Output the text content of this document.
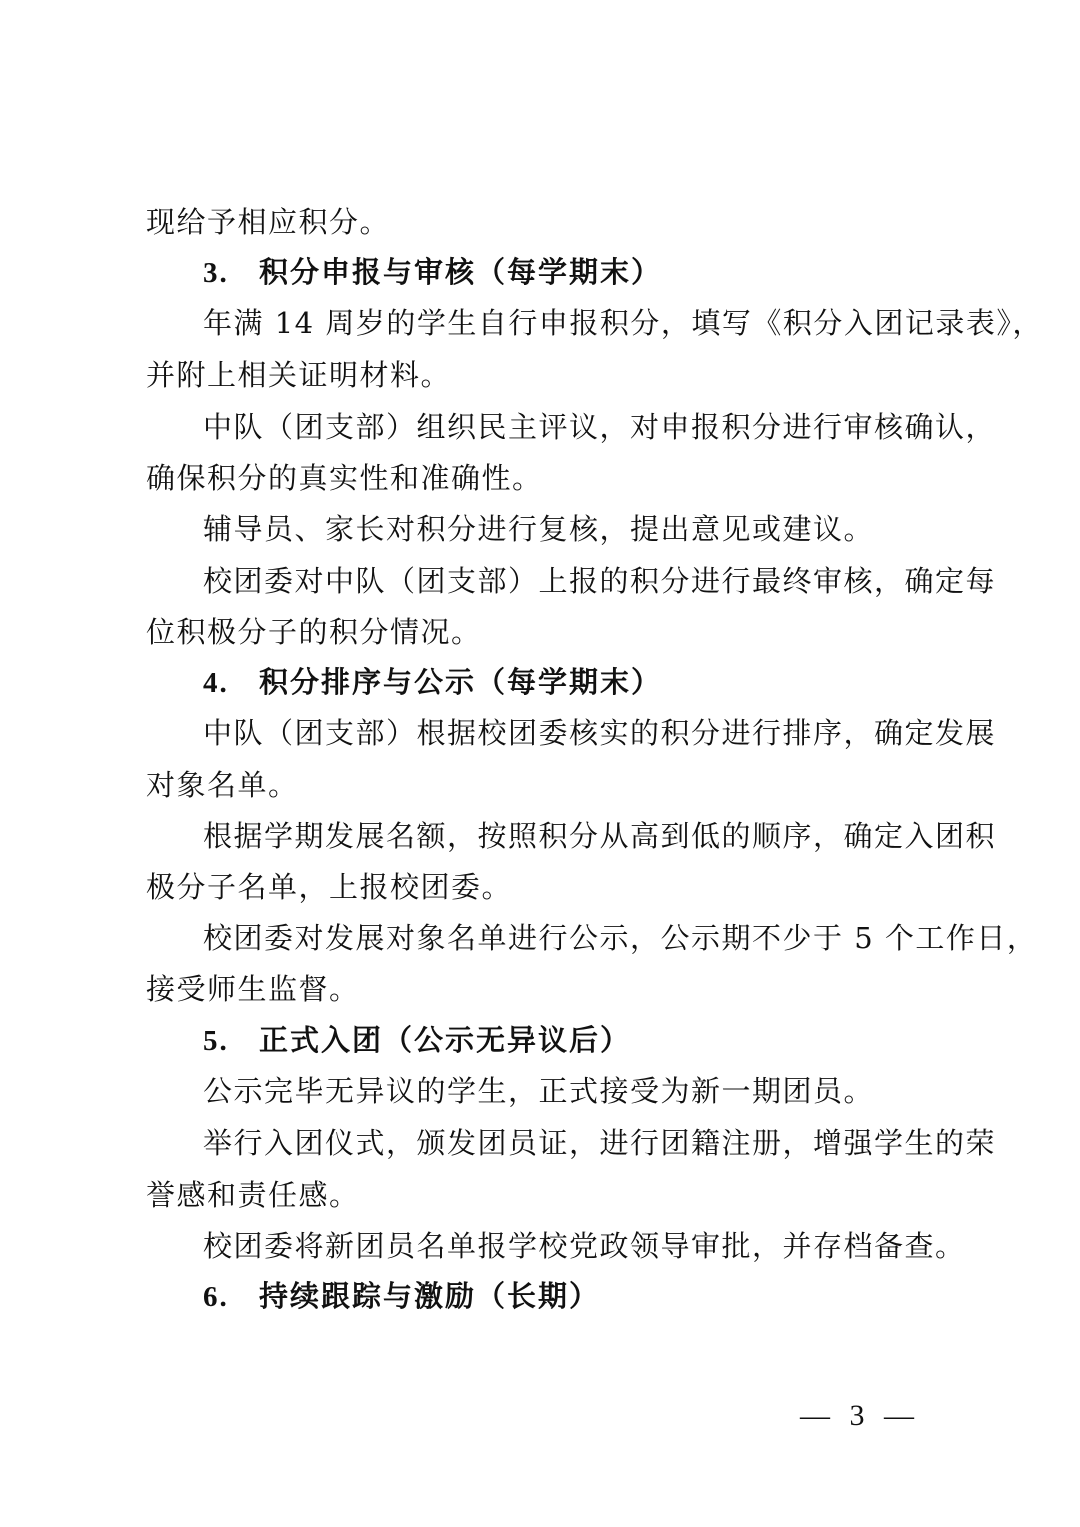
现给予相应积分。
3. 积分申报与审核（每学期末）
年满 14 周岁的学生自行申报积分，填写《积分入团记录表》，
并附上相关证明材料。
中队（团支部）组织民主评议，对申报积分进行审核确认，
确保积分的真实性和准确性。
辅导员、家长对积分进行复核，提出意见或建议。
校团委对中队（团支部）上报的积分进行最终审核，确定每
位积极分子的积分情况。
4. 积分排序与公示（每学期末）
中队（团支部）根据校团委核实的积分进行排序，确定发展
对象名单。
根据学期发展名额，按照积分从高到低的顺序，确定入团积
极分子名单，上报校团委。
校团委对发展对象名单进行公示，公示期不少于 5 个工作日，
接受师生监督。
5. 正式入团（公示无异议后）
公示完毕无异议的学生，正式接受为新一期团员。
举行入团仪式，颁发团员证，进行团籍注册，增强学生的荣
誉感和责任感。
校团委将新团员名单报学校党政领导审批，并存档备查。
6. 持续跟踪与激励（长期）
— 3 —
